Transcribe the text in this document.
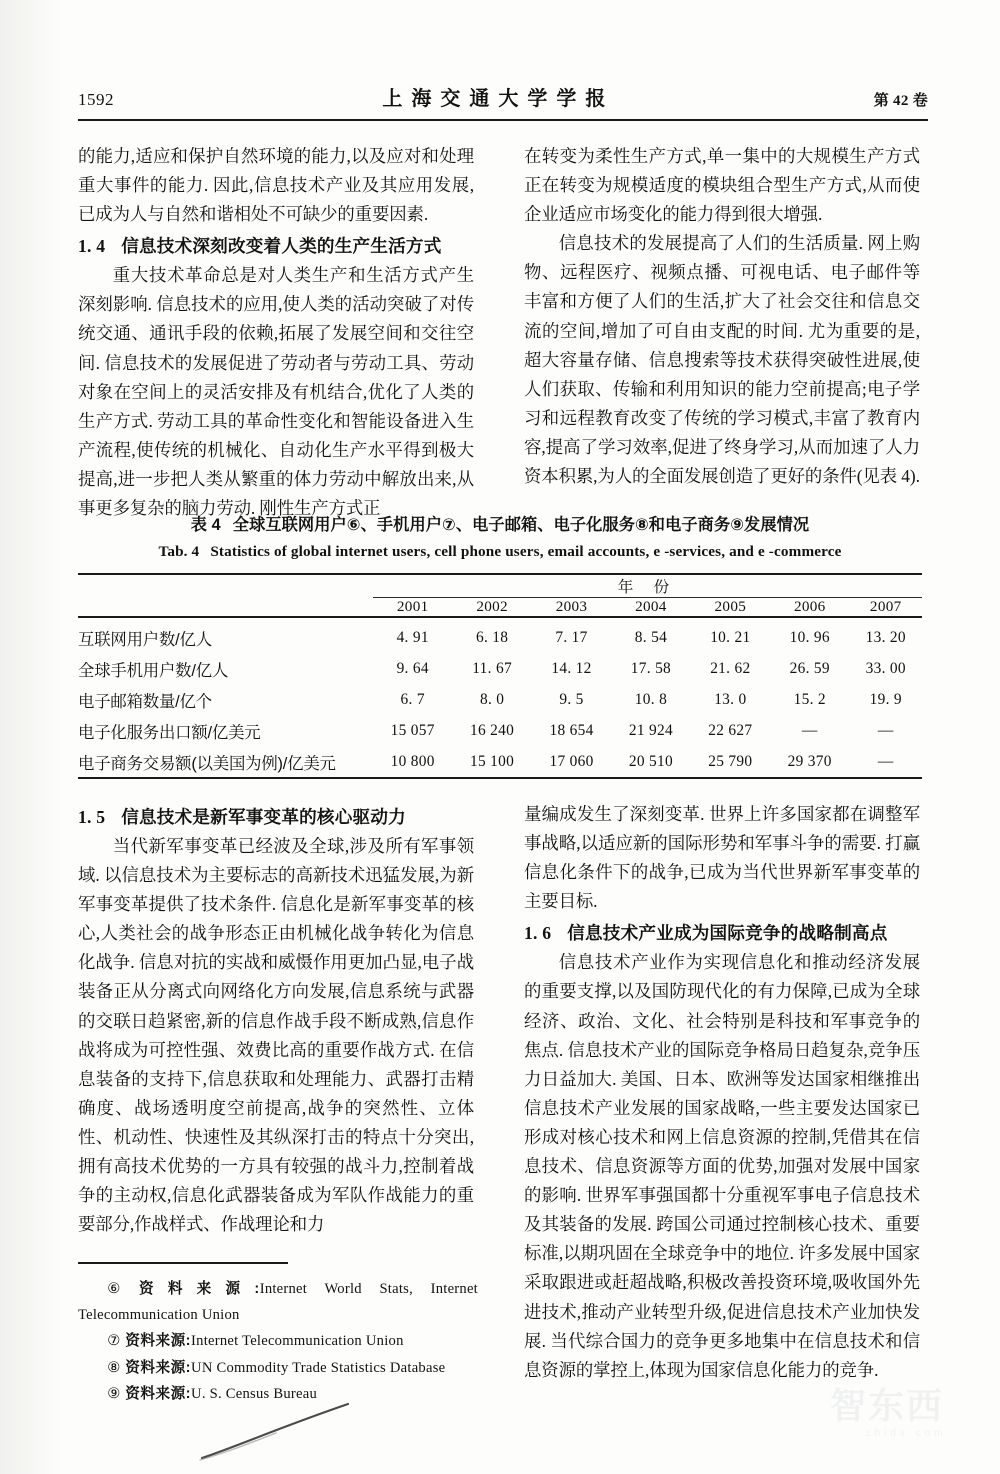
1592	上海交通大学学报	第 42 卷

的能力,适应和保护自然环境的能力,以及应对和处理重大事件的能力. 因此,信息技术产业及其应用发展,已成为人与自然和谐相处不可缺少的重要因素.

1. 4 信息技术深刻改变着人类的生产生活方式

重大技术革命总是对人类生产和生活方式产生深刻影响. 信息技术的应用,使人类的活动突破了对传统交通、通讯手段的依赖,拓展了发展空间和交往空间. 信息技术的发展促进了劳动者与劳动工具、劳动对象在空间上的灵活安排及有机结合,优化了人类的生产方式. 劳动工具的革命性变化和智能设备进入生产流程,使传统的机械化、自动化生产水平得到极大提高,进一步把人类从繁重的体力劳动中解放出来,从事更多复杂的脑力劳动. 刚性生产方式正

在转变为柔性生产方式,单一集中的大规模生产方式正在转变为规模适度的模块组合型生产方式,从而使企业适应市场变化的能力得到很大增强.

信息技术的发展提高了人们的生活质量. 网上购物、远程医疗、视频点播、可视电话、电子邮件等丰富和方便了人们的生活,扩大了社会交往和信息交流的空间,增加了可自由支配的时间. 尤为重要的是,超大容量存储、信息搜索等技术获得突破性进展,使人们获取、传输和利用知识的能力空前提高;电子学习和远程教育改变了传统的学习模式,丰富了教育内容,提高了学习效率,促进了终身学习,从而加速了人力资本积累,为人的全面发展创造了更好的条件(见表 4).

表 4 全球互联网用户⑥、手机用户⑦、电子邮箱、电子化服务⑧和电子商务⑨发展情况
Tab. 4 Statistics of global internet users, cell phone users, email accounts, e -services, and e -commerce
	年 份						
	2001	2002	2003	2004	2005	2006	2007

互联网用户数/亿人	4. 91	6. 18	7. 17	8. 54	10. 21	10. 96	13. 20
全球手机用户数/亿人	9. 64	11. 67	14. 12	17. 58	21. 62	26. 59	33. 00
电子邮箱数量/亿个	6. 7	8. 0	9. 5	10. 8	13. 0	15. 2	19. 9
电子化服务出口额/亿美元	15 057	16 240	18 654	21 924	22 627	—	—
电子商务交易额(以美国为例)/亿美元	10 800	15 100	17 060	20 510	25 790	29 370	—
1. 5 信息技术是新军事变革的核心驱动力

当代新军事变革已经波及全球,涉及所有军事领域. 以信息技术为主要标志的高新技术迅猛发展,为新军事变革提供了技术条件. 信息化是新军事变革的核心,人类社会的战争形态正由机械化战争转化为信息化战争. 信息对抗的实战和威慑作用更加凸显,电子战装备正从分离式向网络化方向发展,信息系统与武器的交联日趋紧密,新的信息作战手段不断成熟,信息作战将成为可控性强、效费比高的重要作战方式. 在信息装备的支持下,信息获取和处理能力、武器打击精确度、战场透明度空前提高,战争的突然性、立体性、机动性、快速性及其纵深打击的特点十分突出,拥有高技术优势的一方具有较强的战斗力,控制着战争的主动权,信息化武器装备成为军队作战能力的重要部分,作战样式、作战理论和力

量编成发生了深刻变革. 世界上许多国家都在调整军事战略,以适应新的国际形势和军事斗争的需要. 打赢信息化条件下的战争,已成为当代世界新军事变革的主要目标.

1. 6 信息技术产业成为国际竞争的战略制高点

信息技术产业作为实现信息化和推动经济发展的重要支撑,以及国防现代化的有力保障,已成为全球经济、政治、文化、社会特别是科技和军事竞争的焦点. 信息技术产业的国际竞争格局日趋复杂,竞争压力日益加大. 美国、日本、欧洲等发达国家相继推出信息技术产业发展的国家战略,一些主要发达国家已形成对核心技术和网上信息资源的控制,凭借其在信息技术、信息资源等方面的优势,加强对发展中国家的影响. 世界军事强国都十分重视军事电子信息技术及其装备的发展. 跨国公司通过控制核心技术、重要标准,以期巩固在全球竞争中的地位. 许多发展中国家采取跟进或赶超战略,积极改善投资环境,吸收国外先进技术,推动产业转型升级,促进信息技术产业加快发展. 当代综合国力的竞争更多地集中在信息技术和信息资源的掌控上,体现为国家信息化能力的竞争.

⑥ 资料来源:Internet World Stats, Internet Telecommunication Union

⑦ 资料来源:Internet Telecommunication Union

⑧ 资料来源:UN Commodity Trade Statistics Database

⑨ 资料来源:U. S. Census Bureau	智东西
zhidx.com
